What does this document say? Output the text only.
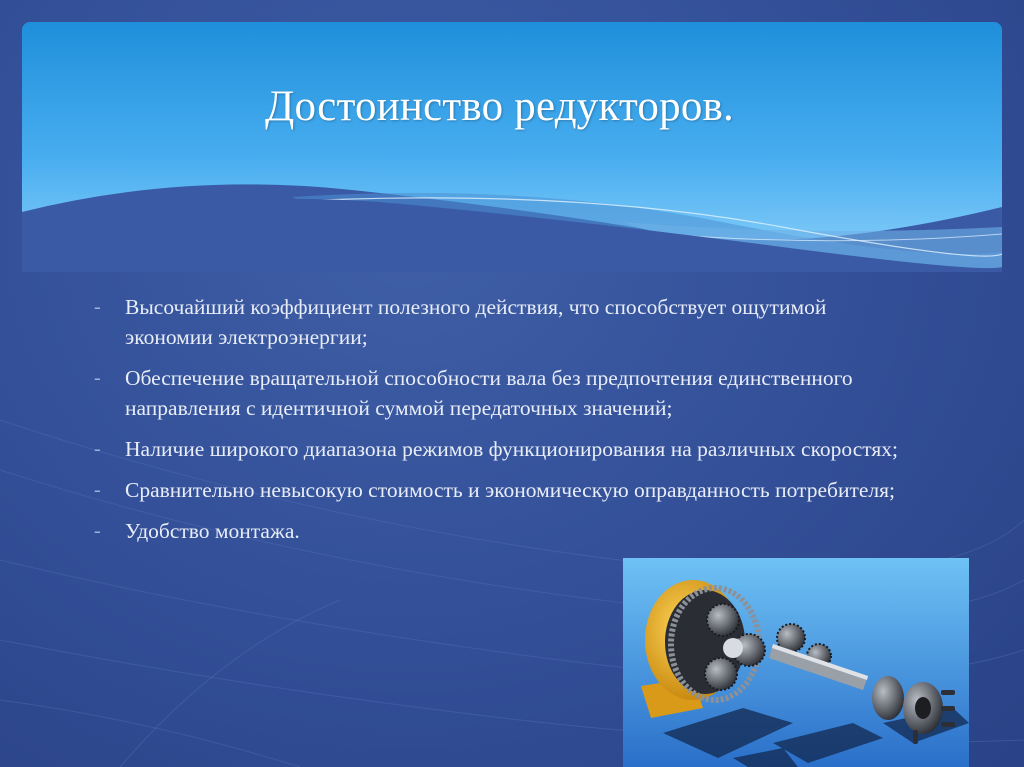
Достоинство редукторов.
- Высочайший коэффициент полезного действия, что способствует ощутимой экономии электроэнергии;
- Обеспечение вращательной способности вала без предпочтения единственного направления с идентичной суммой передаточных значений;
- Наличие широкого диапазона режимов функционирования на различных скоростях;
- Сравнительно невысокую стоимость и экономическую оправданность потребителя;
- Удобство монтажа.
